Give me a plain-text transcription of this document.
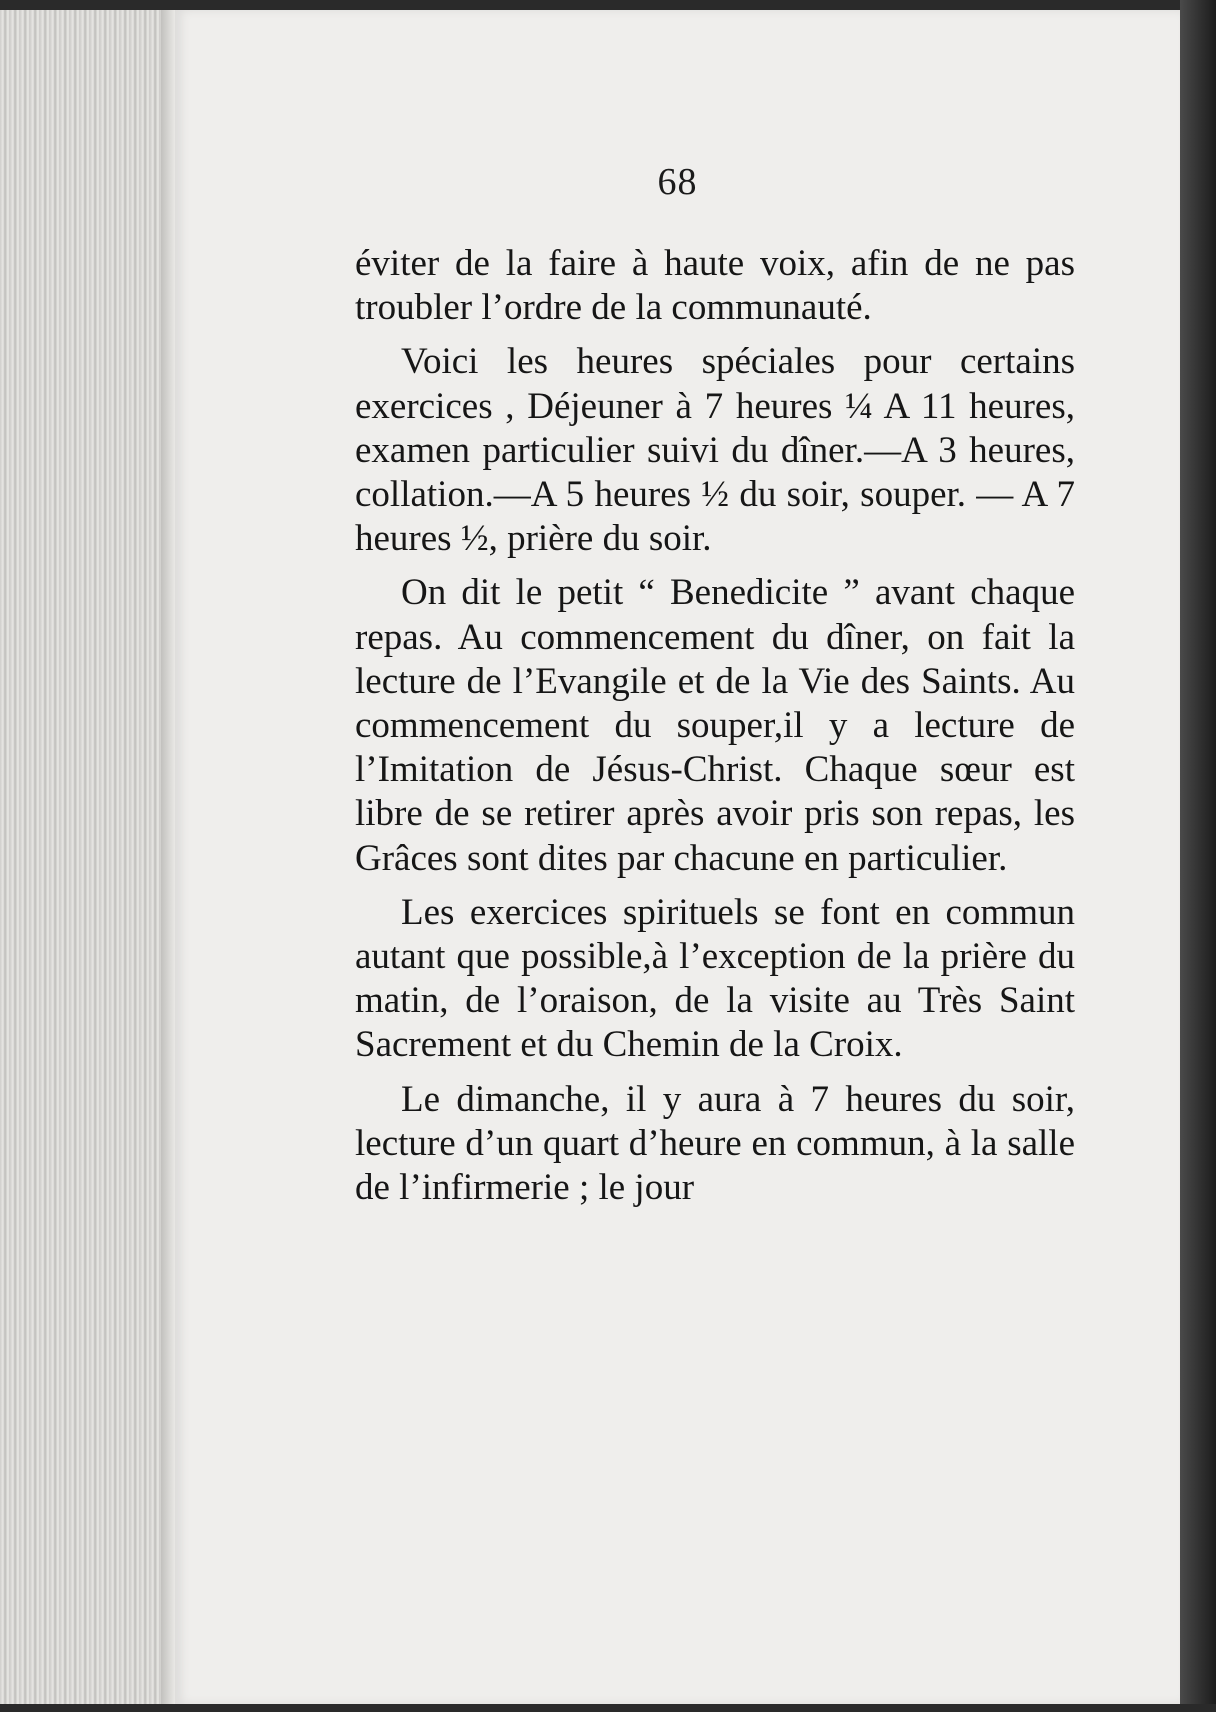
68

éviter de la faire à haute voix, afin de ne pas troubler l’ordre de la communauté.

Voici les heures spéciales pour certains exercices , Déjeuner à 7 heures ¼ A 11 heures, examen particulier suivi du dîner.—A 3 heures, collation.—A 5 heures ½ du soir, souper. — A 7 heures ½, prière du soir.

On dit le petit “ Benedicite ” avant chaque repas. Au commencement du dîner, on fait la lecture de l’Evangile et de la Vie des Saints. Au commencement du souper,il y a lecture de l’Imitation de Jésus-Christ. Chaque sœur est libre de se retirer après avoir pris son repas, les Grâces sont dites par chacune en particulier.

Les exercices spirituels se font en commun autant que possible,à l’exception de la prière du matin, de l’oraison, de la visite au Très Saint Sacrement et du Chemin de la Croix.

Le dimanche, il y aura à 7 heures du soir, lecture d’un quart d’heure en commun, à la salle de l’infirmerie ; le jour
